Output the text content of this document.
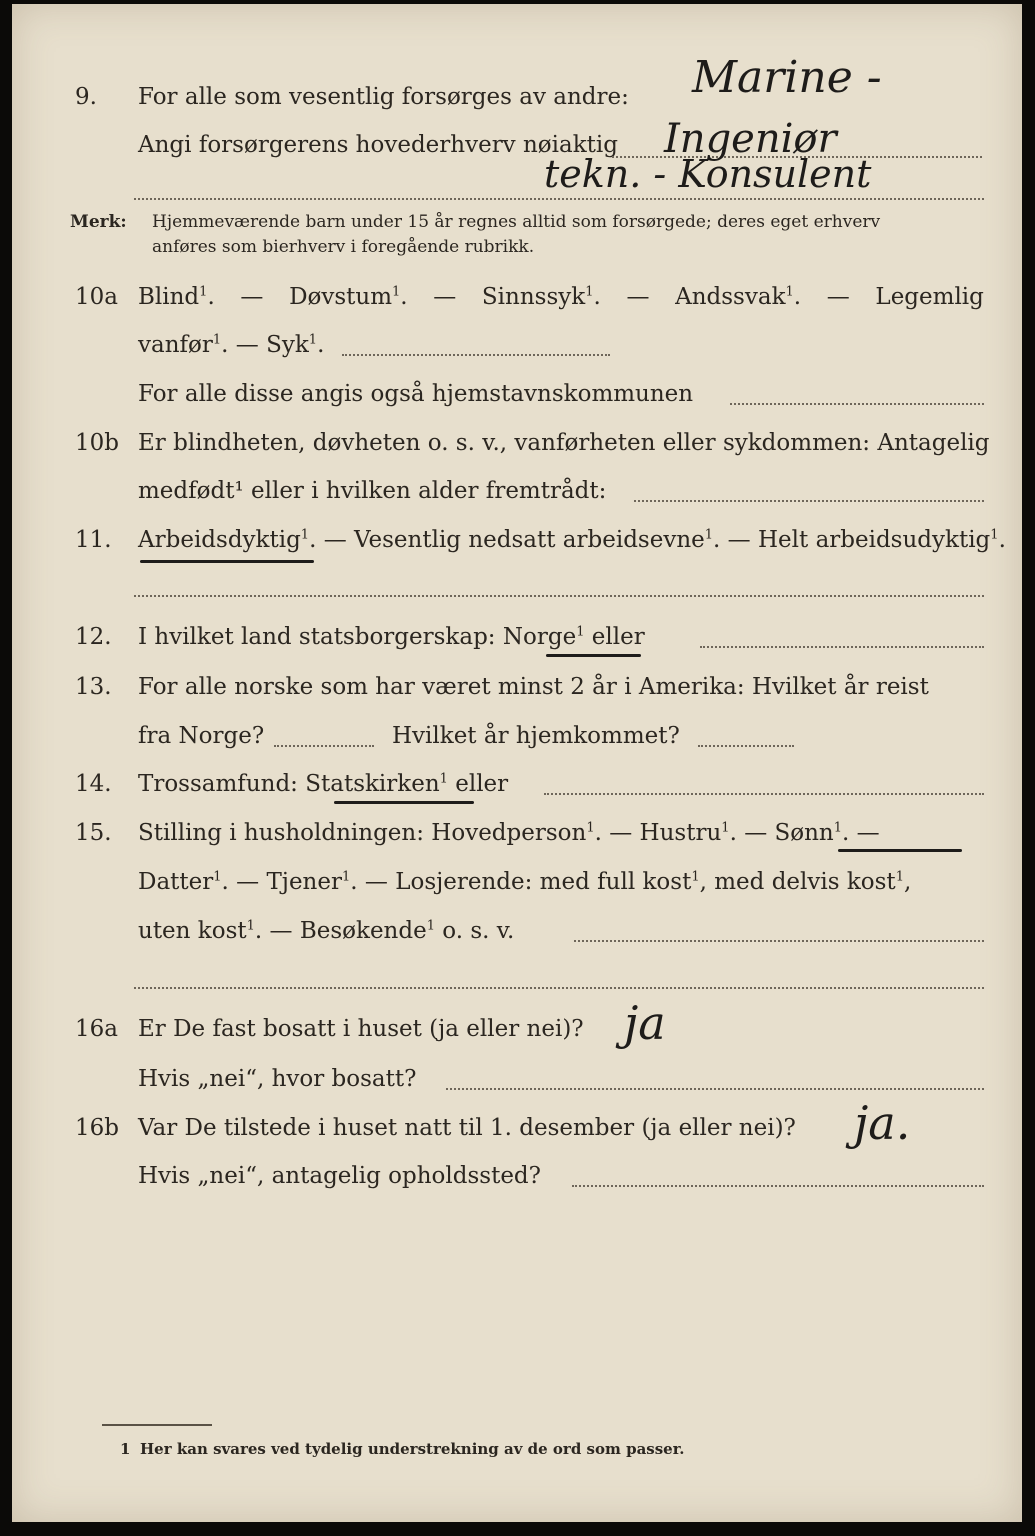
9. For alle som vesentlig forsørges av andre: Marine -
Angi forsørgerens hovederhverv nøiaktig Ingeniør
tekn. - Konsulent
Merk: Hjemmeværende barn under 15 år regnes alltid som forsørgede; deres eget erhverv
anføres som bierhverv i foregående rubrikk.
10a Blind$^1$. — Døvstum$^1$. — Sinnssyk$^1$. — Andssvak$^1$. — Legemlig
vanfør$^1$. — Syk$^1$.
For alle disse angis også hjemstavnskommunen
10b Er blindheten, døvheten o. s. v., vanførheten eller sykdommen: Antagelig
medfødt¹ eller i hvilken alder fremtrådt:
11. Arbeidsdyktig$^1$. — Vesentlig nedsatt arbeidsevne$^1$. — Helt arbeidsudyktig$^1$.
12. I hvilket land statsborgerskap: Norge$^1$ eller
13. For alle norske som har været minst 2 år i Amerika: Hvilket år reist
fra Norge?	Hvilket år hjemkommet?
14. Trossamfund: Statskirken$^1$ eller
15. Stilling i husholdningen: Hovedperson$^1$. — Hustru$^1$. — Sønn$^1$. —
Datter$^1$. — Tjener$^1$. — Losjerende: med full kost$^1$, med delvis kost$^1$,
uten kost$^1$. — Besøkende$^1$ o. s. v.
16a Er De fast bosatt i huset (ja eller nei)? ja
Hvis „nei“, hvor bosatt?
16b Var De tilstede i huset natt til 1. desember (ja eller nei)? ja.
Hvis „nei“, antagelig opholdssted?
1 Her kan svares ved tydelig understrekning av de ord som passer.
